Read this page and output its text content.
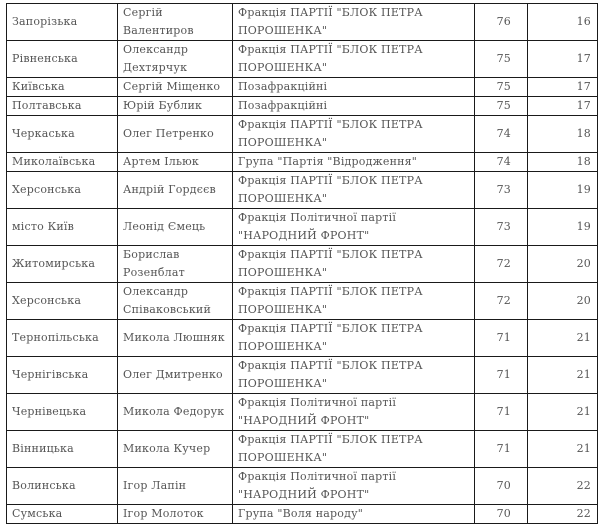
Запорізька	Сергій Валентиров	Фракція ПАРТІЇ "БЛОК ПЕТРА ПОРОШЕНКА"	76	16
Рівненська	Олександр Дехтярчук	Фракція ПАРТІЇ "БЛОК ПЕТРА ПОРОШЕНКА"	75	17
Київська	Сергій Міщенко	Позафракційні	75	17
Полтавська	Юрій Бублик	Позафракційні	75	17
Черкаська	Олег Петренко	Фракція ПАРТІЇ "БЛОК ПЕТРА ПОРОШЕНКА"	74	18
Миколаївська	Артем Ільюк	Група "Партія "Відродження"	74	18
Херсонська	Андрій Гордєєв	Фракція ПАРТІЇ "БЛОК ПЕТРА ПОРОШЕНКА"	73	19
місто Київ	Леонід Ємець	Фракція Політичної партії "НАРОДНИЙ ФРОНТ"	73	19
Житомирська	Борислав Розенблат	Фракція ПАРТІЇ "БЛОК ПЕТРА ПОРОШЕНКА"	72	20
Херсонська	Олександр Співаковський	Фракція ПАРТІЇ "БЛОК ПЕТРА ПОРОШЕНКА"	72	20
Тернопільська	Микола Люшняк	Фракція ПАРТІЇ "БЛОК ПЕТРА ПОРОШЕНКА"	71	21
Чернігівська	Олег Дмитренко	Фракція ПАРТІЇ "БЛОК ПЕТРА ПОРОШЕНКА"	71	21
Чернівецька	Микола Федорук	Фракція Політичної партії "НАРОДНИЙ ФРОНТ"	71	21
Вінницька	Микола Кучер	Фракція ПАРТІЇ "БЛОК ПЕТРА ПОРОШЕНКА"	71	21
Волинська	Ігор Лапін	Фракція Політичної партії "НАРОДНИЙ ФРОНТ"	70	22
Сумська	Ігор Молоток	Група "Воля народу"	70	22
